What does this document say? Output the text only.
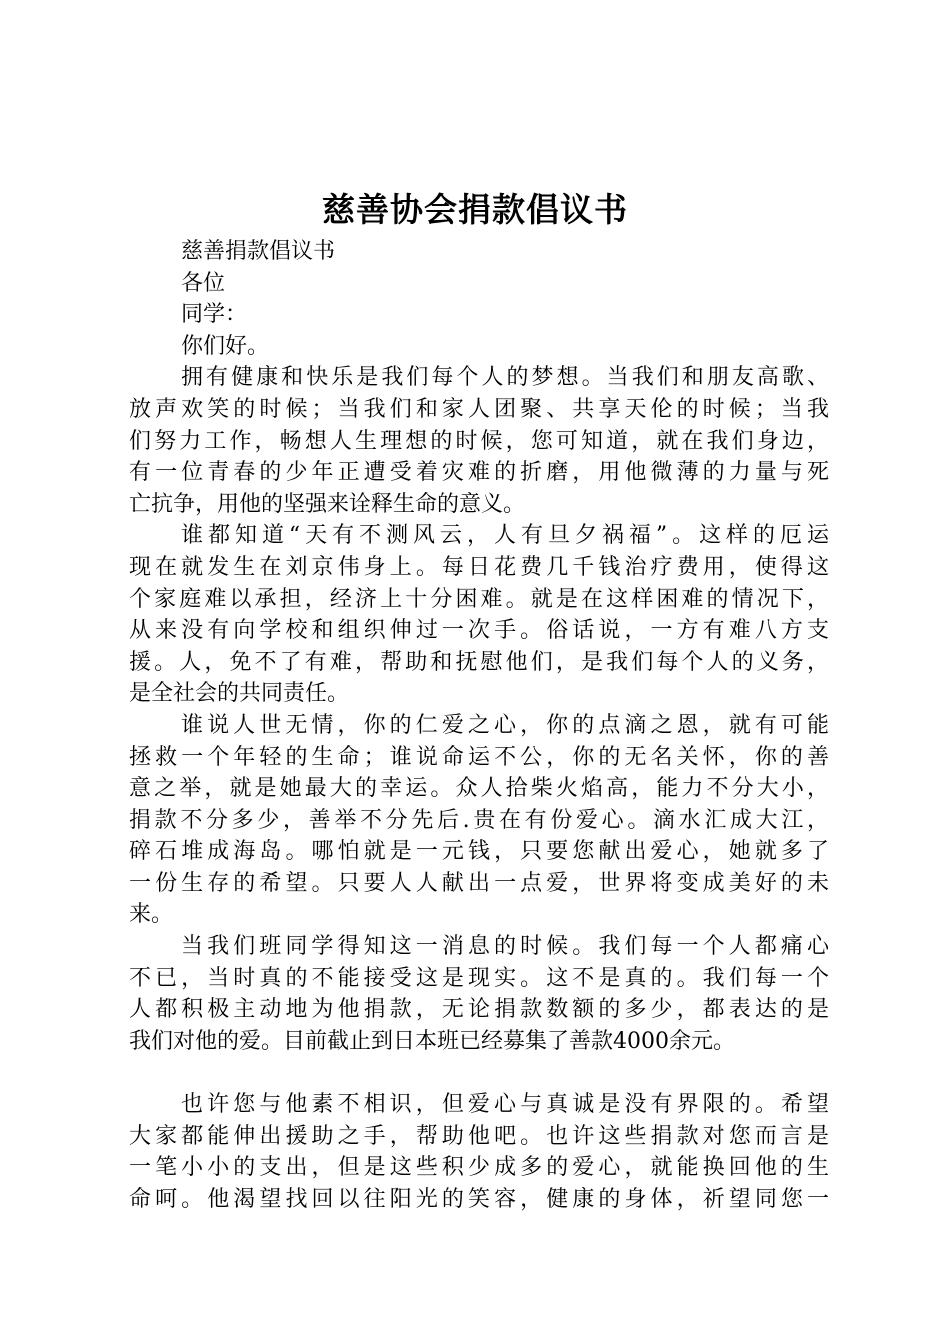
慈善协会捐款倡议书
慈善捐款倡议书
各位
同学：
你们好。
拥有健康和快乐是我们每个人的梦想。当我们和朋友高歌、
放声欢笑的时候；当我们和家人团聚、共享天伦的时候；当我
们努力工作，畅想人生理想的时候，您可知道，就在我们身边，
有一位青春的少年正遭受着灾难的折磨，用他微薄的力量与死
亡抗争，用他的坚强来诠释生命的意义。
谁都知道“天有不测风云，人有旦夕祸福”。这样的厄运
现在就发生在刘京伟身上。每日花费几千钱治疗费用，使得这
个家庭难以承担，经济上十分困难。就是在这样困难的情况下，
从来没有向学校和组织伸过一次手。俗话说，一方有难八方支
援。人，免不了有难，帮助和抚慰他们，是我们每个人的义务，
是全社会的共同责任。
谁说人世无情，你的仁爱之心，你的点滴之恩，就有可能
拯救一个年轻的生命；谁说命运不公，你的无名关怀，你的善
意之举，就是她最大的幸运。众人拾柴火焰高，能力不分大小，
捐款不分多少，善举不分先后.贵在有份爱心。滴水汇成大江，
碎石堆成海岛。哪怕就是一元钱，只要您献出爱心，她就多了
一份生存的希望。只要人人献出一点爱，世界将变成美好的未
来。
当我们班同学得知这一消息的时候。我们每一个人都痛心
不已，当时真的不能接受这是现实。这不是真的。我们每一个
人都积极主动地为他捐款，无论捐款数额的多少，都表达的是
我们对他的爱。目前截止到日本班已经募集了善款4000余元。
也许您与他素不相识，但爱心与真诚是没有界限的。希望
大家都能伸出援助之手，帮助他吧。也许这些捐款对您而言是
一笔小小的支出，但是这些积少成多的爱心，就能换回他的生
命呵。他渴望找回以往阳光的笑容，健康的身体，祈望同您一
